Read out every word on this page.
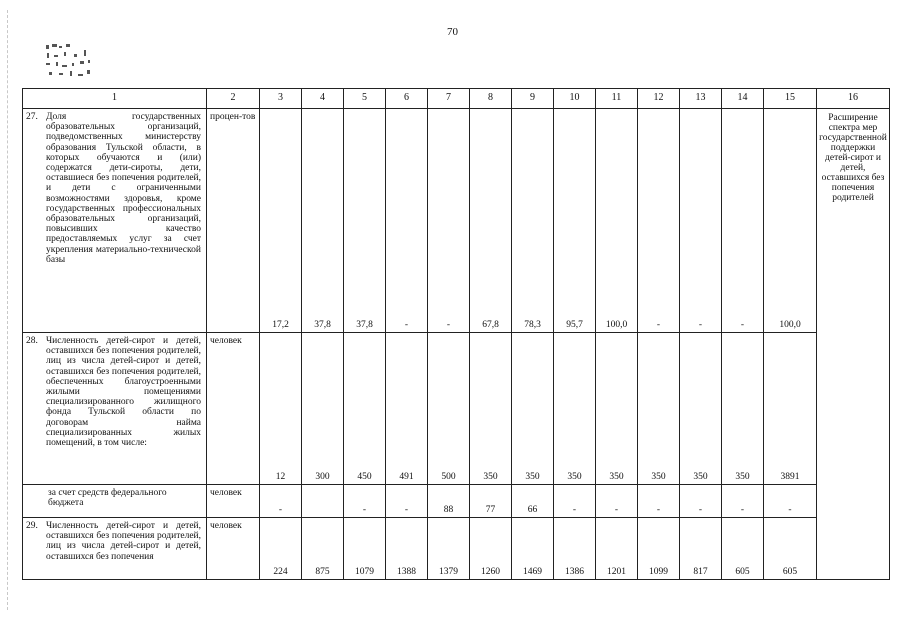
70
1	2	3	4	5	6	7	8	9	10	11	12	13	14	15	16
27. Доля государственных образовательных организаций, подведомственных министерству образования Тульской области, в которых обучаются и (или) содержатся дети-сироты, дети, оставшиеся без попечения родителей, и дети с ограниченными возможностями здоровья, кроме государственных профессиональных образовательных организаций, повысивших качество предоставляемых услуг за счет укрепления материально-технической базы	процен-тов	17,2	37,8	37,8	-	-	67,8	78,3	95,7	100,0	-	-	-	100,0	Расширение спектра мер государственной поддержки детей-сирот и детей, оставшихся без попечения родителей
28. Численность детей-сирот и детей, оставшихся без попечения родителей, лиц из числа детей-сирот и детей, оставшихся без попечения родителей, обеспеченных благоустроенными жилыми помещениями специализированного жилищного фонда Тульской области по договорам найма специализированных жилых помещений, в том числе:	человек	12	300	450	491	500	350	350	350	350	350	350	350	3891	

за счет средств федерального бюджета	человек	-		-	-	88	77	66	-	-	-	-	-	-	
29. Численность детей-сирот и детей, оставшихся без попечения родителей, лиц из числа детей-сирот и детей, оставшихся без попечения	человек	224	875	1079	1388	1379	1260	1469	1386	1201	1099	817	605	605	
